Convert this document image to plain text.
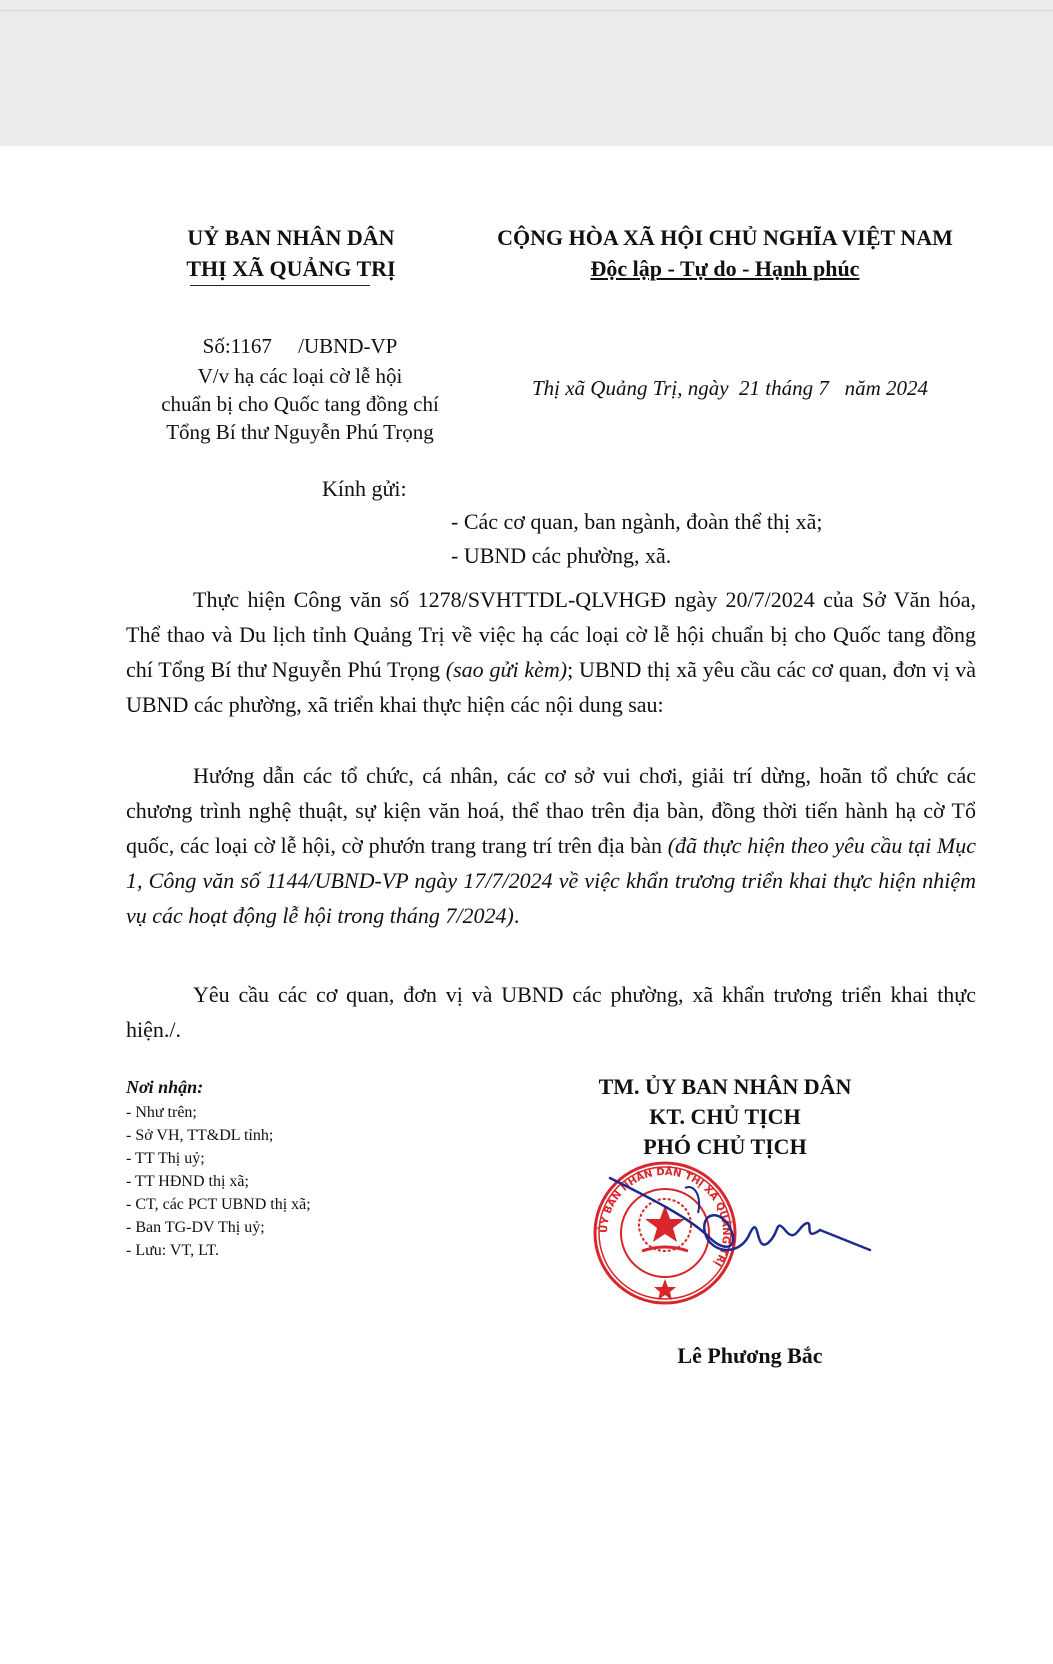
UỶ BAN NHÂN DÂN
THỊ XÃ QUẢNG TRỊ
CỘNG HÒA XÃ HỘI CHỦ NGHĨA VIỆT NAM
Độc lập - Tự do - Hạnh phúc
Số:1167     /UBND-VP
V/v hạ các loại cờ lễ hội
chuẩn bị cho Quốc tang đồng chí
Tổng Bí thư Nguyễn Phú Trọng
Thị xã Quảng Trị, ngày  21 tháng 7   năm 2024
Kính gửi:
- Các cơ quan, ban ngành, đoàn thể thị xã;
- UBND các phường, xã.
Thực hiện Công văn số 1278/SVHTTDL-QLVHGĐ ngày 20/7/2024 của Sở Văn hóa, Thể thao và Du lịch tỉnh Quảng Trị về việc hạ các loại cờ lễ hội chuẩn bị cho Quốc tang đồng chí Tổng Bí thư Nguyễn Phú Trọng (sao gửi kèm); UBND thị xã yêu cầu các cơ quan, đơn vị và UBND các phường, xã triển khai thực hiện các nội dung sau:
Hướng dẫn các tổ chức, cá nhân, các cơ sở vui chơi, giải trí dừng, hoãn tổ chức các chương trình nghệ thuật, sự kiện văn hoá, thể thao trên địa bàn, đồng thời tiến hành hạ cờ Tổ quốc, các loại cờ lễ hội, cờ phướn trang trang trí trên địa bàn (đã thực hiện theo yêu cầu tại Mục 1, Công văn số 1144/UBND-VP ngày 17/7/2024 về việc khẩn trương triển khai thực hiện nhiệm vụ các hoạt động lễ hội trong tháng 7/2024).
Yêu cầu các cơ quan, đơn vị và UBND các phường, xã khẩn trương triển khai thực hiện./.
Nơi nhận:
- Như trên;
- Sở VH, TT&DL tỉnh;
- TT Thị uỷ;
- TT HĐND thị xã;
- CT, các PCT UBND thị xã;
- Ban TG-DV Thị uỷ;
- Lưu: VT, LT.
TM. ỦY BAN NHÂN DÂN
KT. CHỦ TỊCH
PHÓ CHỦ TỊCH
ỦY BAN NHÂN DÂN THỊ XÃ QUẢNG TRỊ
Lê Phương Bắc
